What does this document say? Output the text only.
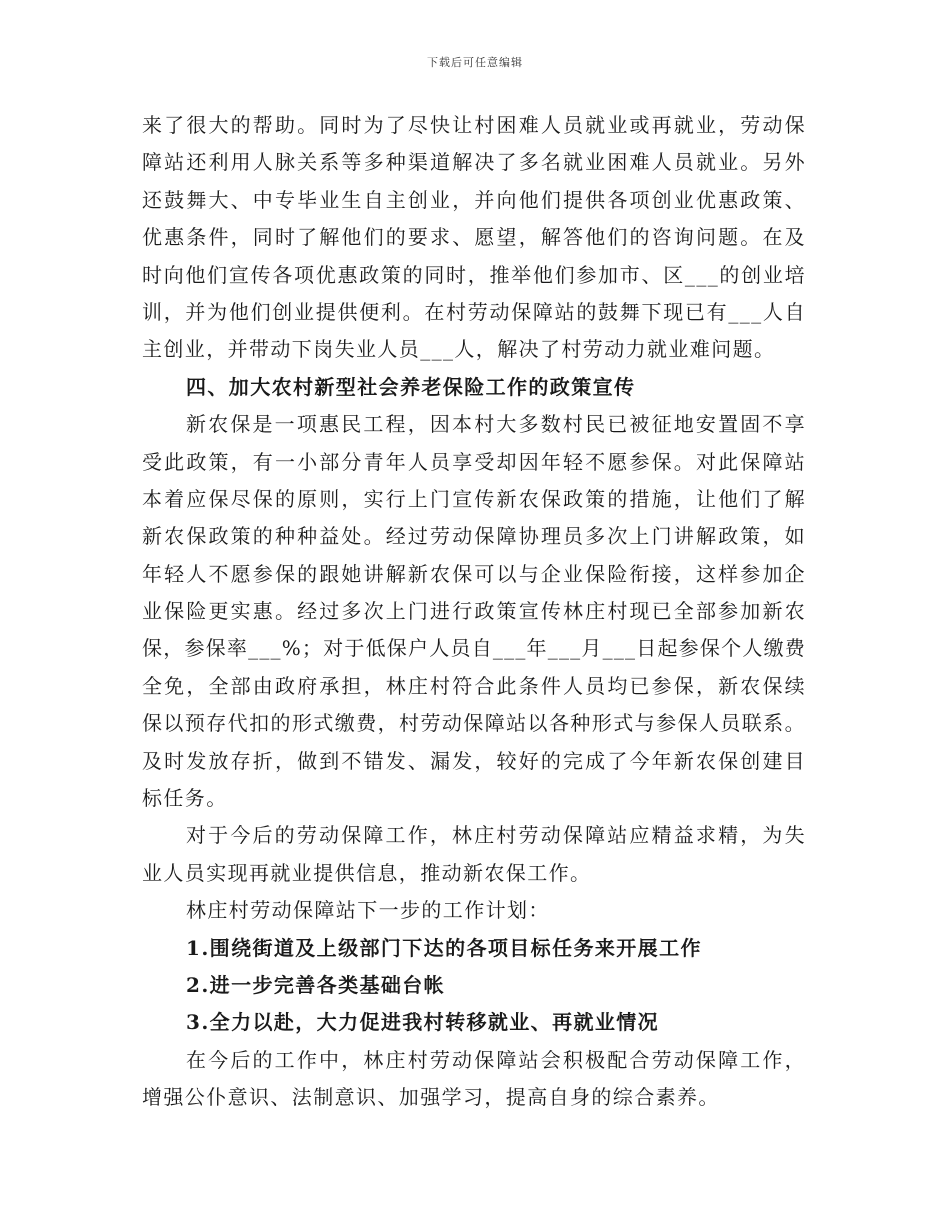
下载后可任意编辑
来了很大的帮助。同时为了尽快让村困难人员就业或再就业，劳动保
障站还利用人脉关系等多种渠道解决了多名就业困难人员就业。另外
还鼓舞大、中专毕业生自主创业，并向他们提供各项创业优惠政策、
优惠条件，同时了解他们的要求、愿望，解答他们的咨询问题。在及
时向他们宣传各项优惠政策的同时，推举他们参加市、区___的创业培
训，并为他们创业提供便利。在村劳动保障站的鼓舞下现已有___人自
主创业，并带动下岗失业人员___人，解决了村劳动力就业难问题。
四、加大农村新型社会养老保险工作的政策宣传
新农保是一项惠民工程，因本村大多数村民已被征地安置固不享
受此政策，有一小部分青年人员享受却因年轻不愿参保。对此保障站
本着应保尽保的原则，实行上门宣传新农保政策的措施，让他们了解
新农保政策的种种益处。经过劳动保障协理员多次上门讲解政策，如
年轻人不愿参保的跟她讲解新农保可以与企业保险衔接，这样参加企
业保险更实惠。经过多次上门进行政策宣传林庄村现已全部参加新农
保，参保率___%；对于低保户人员自___年___月___日起参保个人缴费
全免，全部由政府承担，林庄村符合此条件人员均已参保，新农保续
保以预存代扣的形式缴费，村劳动保障站以各种形式与参保人员联系。
及时发放存折，做到不错发、漏发，较好的完成了今年新农保创建目
标任务。
对于今后的劳动保障工作，林庄村劳动保障站应精益求精，为失
业人员实现再就业提供信息，推动新农保工作。
林庄村劳动保障站下一步的工作计划：
1.围绕街道及上级部门下达的各项目标任务来开展工作
2.进一步完善各类基础台帐
3.全力以赴，大力促进我村转移就业、再就业情况
在今后的工作中，林庄村劳动保障站会积极配合劳动保障工作，
增强公仆意识、法制意识、加强学习，提高自身的综合素养。
